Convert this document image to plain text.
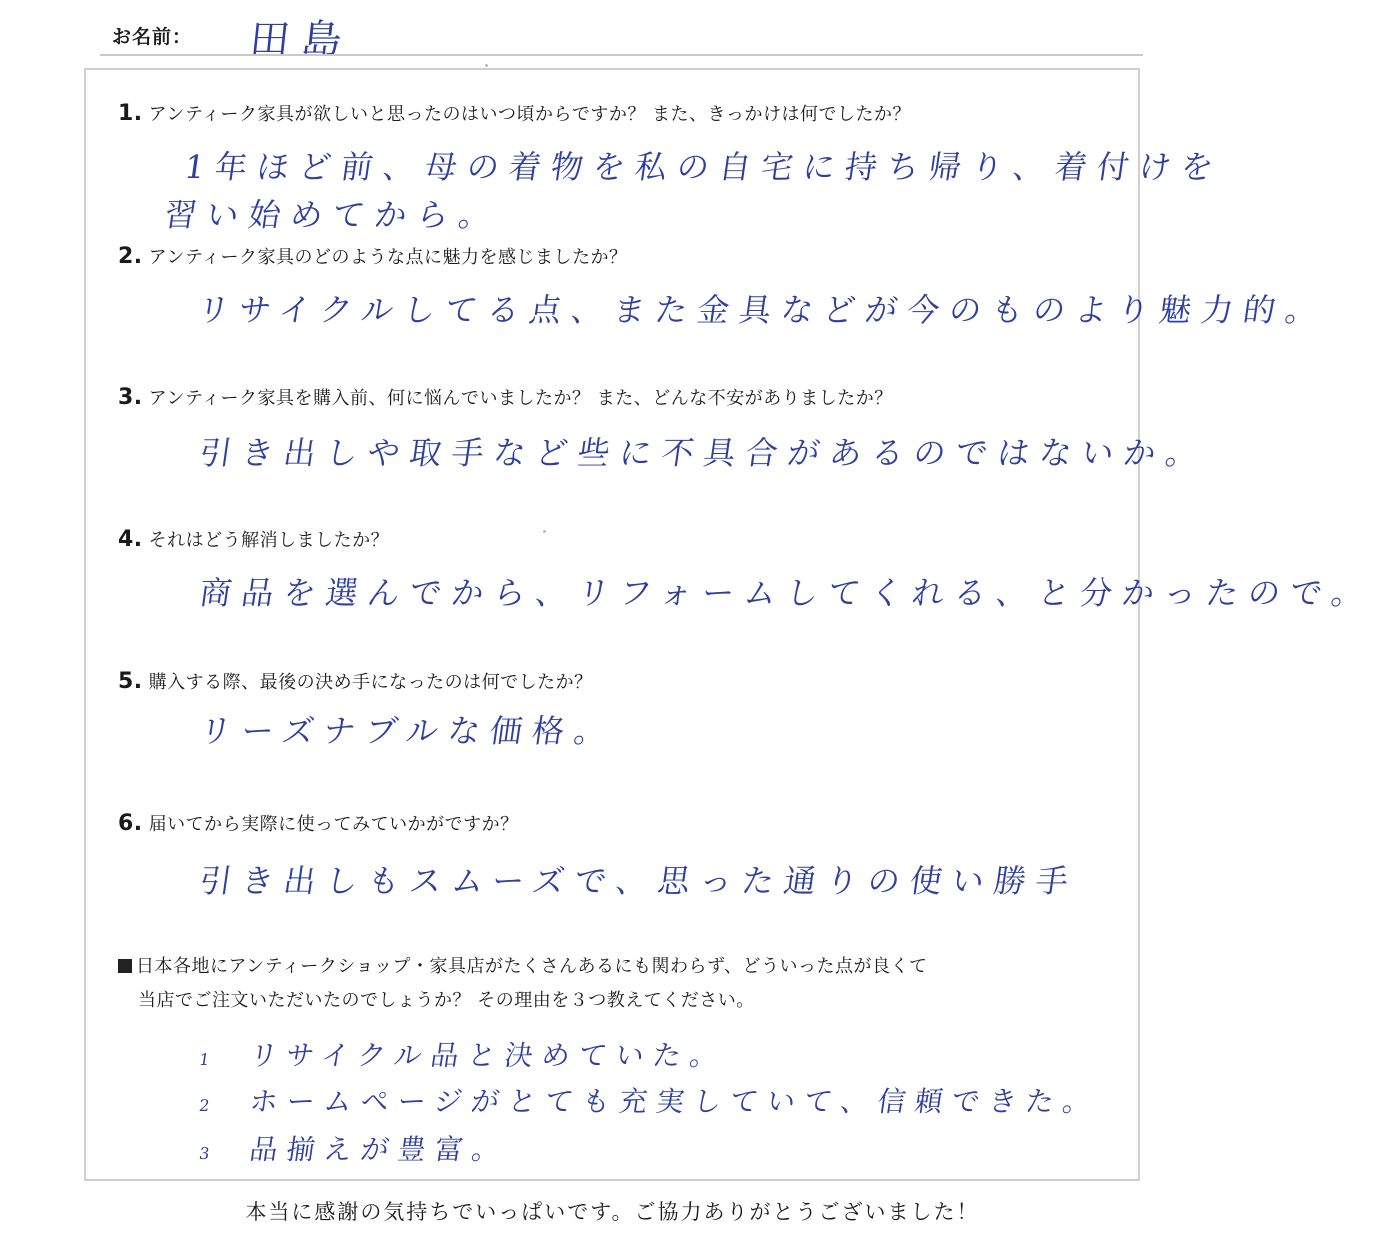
お名前： 田島
1. アンティーク家具が欲しいと思ったのはいつ頃からですか？ また、きっかけは何でしたか？
1年ほど前、母の着物を私の自宅に持ち帰り、着付けを
習い始めてから。
2. アンティーク家具のどのような点に魅力を感じましたか？
リサイクルしてる点、また金具などが今のものより魅力的。
3. アンティーク家具を購入前、何に悩んでいましたか？ また、どんな不安がありましたか？
引き出しや取手など些に不具合があるのではないか。
4. それはどう解消しましたか？
商品を選んでから、リフォームしてくれる、と分かったので。
5. 購入する際、最後の決め手になったのは何でしたか？
リーズナブルな価格。
6. 届いてから実際に使ってみていかがですか？
引き出しもスムーズで、思った通りの使い勝手
日本各地にアンティークショップ・家具店がたくさんあるにも関わらず、どういった点が良くて
当店でご注文いただいたのでしょうか？ その理由を３つ教えてください。
1 リサイクル品と決めていた。
2 ホームページがとても充実していて、信頼できた。
3 品揃えが豊富。
本当に感謝の気持ちでいっぱいです。ご協力ありがとうございました！
